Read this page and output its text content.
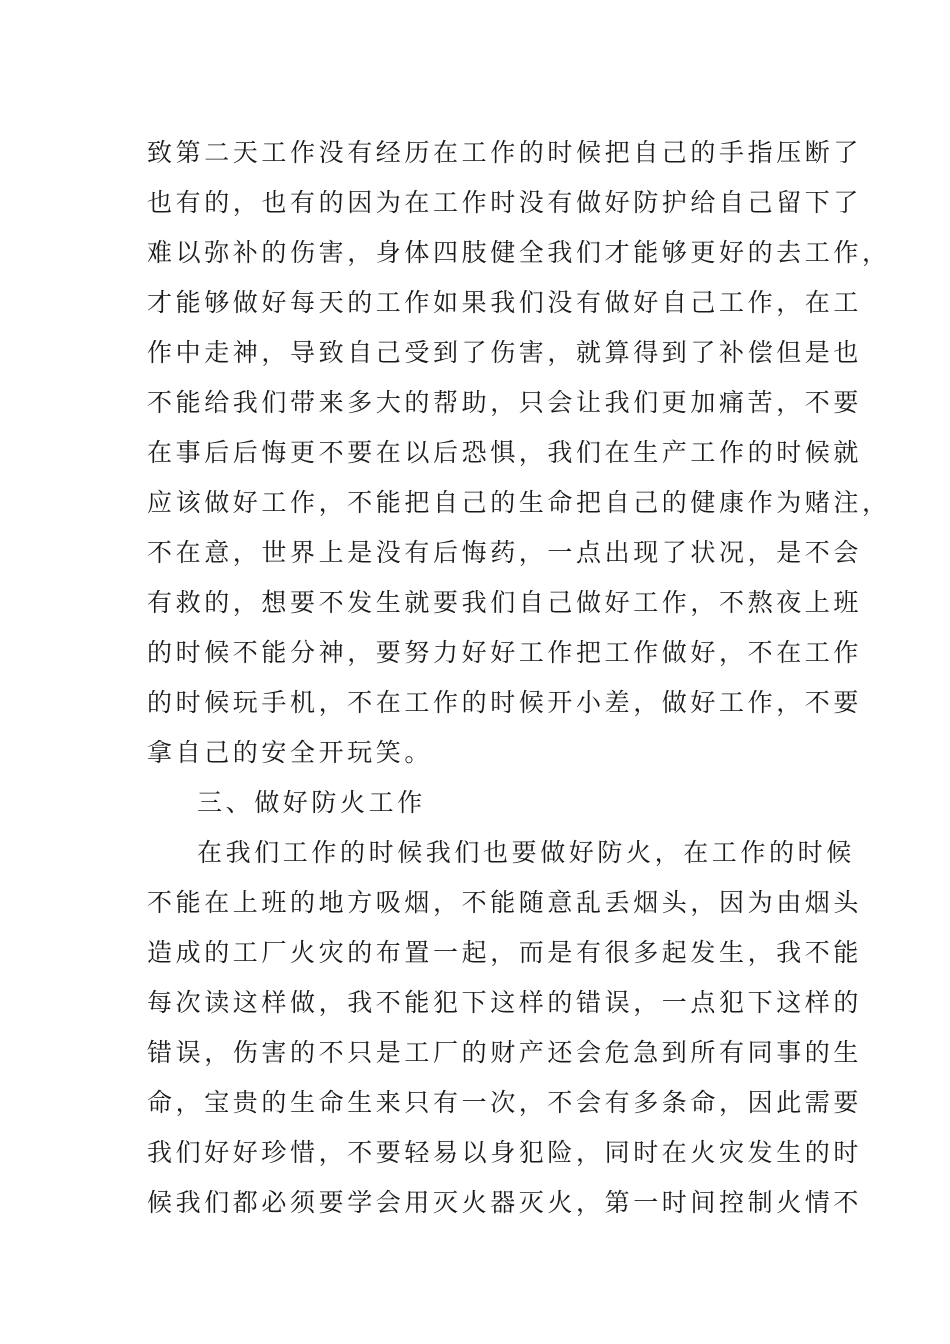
致第二天工作没有经历在工作的时候把自己的手指压断了
也有的，也有的因为在工作时没有做好防护给自己留下了
难以弥补的伤害，身体四肢健全我们才能够更好的去工作，
才能够做好每天的工作如果我们没有做好自己工作，在工
作中走神，导致自己受到了伤害，就算得到了补偿但是也
不能给我们带来多大的帮助，只会让我们更加痛苦，不要
在事后后悔更不要在以后恐惧，我们在生产工作的时候就
应该做好工作，不能把自己的生命把自己的健康作为赌注，
不在意，世界上是没有后悔药，一点出现了状况，是不会
有救的，想要不发生就要我们自己做好工作，不熬夜上班
的时候不能分神，要努力好好工作把工作做好，不在工作
的时候玩手机，不在工作的时候开小差，做好工作，不要
拿自己的安全开玩笑。
三、做好防火工作
在我们工作的时候我们也要做好防火，在工作的时候
不能在上班的地方吸烟，不能随意乱丢烟头，因为由烟头
造成的工厂火灾的布置一起，而是有很多起发生，我不能
每次读这样做，我不能犯下这样的错误，一点犯下这样的
错误，伤害的不只是工厂的财产还会危急到所有同事的生
命，宝贵的生命生来只有一次，不会有多条命，因此需要
我们好好珍惜，不要轻易以身犯险，同时在火灾发生的时
候我们都必须要学会用灭火器灭火，第一时间控制火情不
